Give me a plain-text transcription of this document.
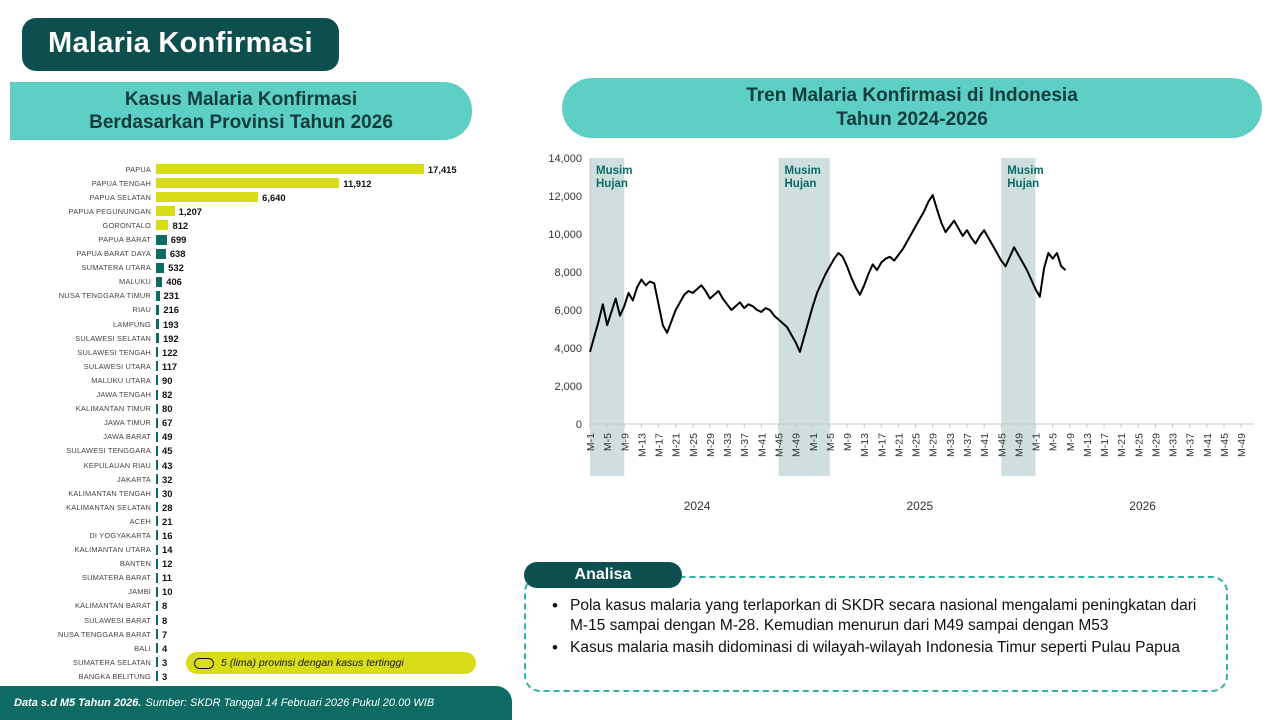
Malaria Konfirmasi
Kasus Malaria Konfirmasi
Berdasarkan Provinsi Tahun 2026
PAPUA	17,415
PAPUA TENGAH	11,912
PAPUA SELATAN	6,640
PAPUA PEGUNUNGAN	1,207
GORONTALO	812
PAPUA BARAT	699
PAPUA BARAT DAYA	638
SUMATERA UTARA	532
MALUKU	406
NUSA TENGGARA TIMUR	231
RIAU	216
LAMPUNG	193
SULAWESI SELATAN	192
SULAWESI TENGAH	122
SULAWESI UTARA	117
MALUKU UTARA	90
JAWA TENGAH	82
KALIMANTAN TIMUR	80
JAWA TIMUR	67
JAWA BARAT	49
SULAWESI TENGGARA	45
KEPULAUAN RIAU	43
JAKARTA	32
KALIMANTAN TENGAH	30
KALIMANTAN SELATAN	28
ACEH	21
DI YOGYAKARTA	16
KALIMANTAN UTARA	14
BANTEN	12
SUMATERA BARAT	11
JAMBI	10
KALIMANTAN BARAT	8
SULAWESI BARAT	8
NUSA TENGGARA BARAT	7
BALI	4
SUMATERA SELATAN	3
BANGKA BELITUNG	3
5 (lima) provinsi dengan kasus tertinggi
Data s.d M5 Tahun 2026. Sumber: SKDR Tanggal 14 Februari 2026 Pukul 20.00 WIB
Tren Malaria Konfirmasi di Indonesia
Tahun 2024-2026
Musim
Hujan
Musim
Hujan
Musim
Hujan
0
2,000
4,000
6,000
8,000
10,000
12,000
14,000
M-1 M-5 M-9 M-13 M-17 M-21 M-25 M-29 M-33 M-37 M-41 M-45 M-49 M-1 M-5 M-9 M-13 M-17 M-21 M-25 M-29 M-33 M-37 M-41 M-45 M-49 M-1 M-5 M-9 M-13 M-17 M-21 M-25 M-29 M-33 M-37 M-41 M-45 M-49
2024	2025	2026
• Pola kasus malaria yang terlaporkan di SKDR secara nasional mengalami peningkatan dari M-15 sampai dengan M-28. Kemudian menurun dari M49 sampai dengan M53
• Kasus malaria masih didominasi di wilayah-wilayah Indonesia Timur seperti Pulau Papua
Analisa
